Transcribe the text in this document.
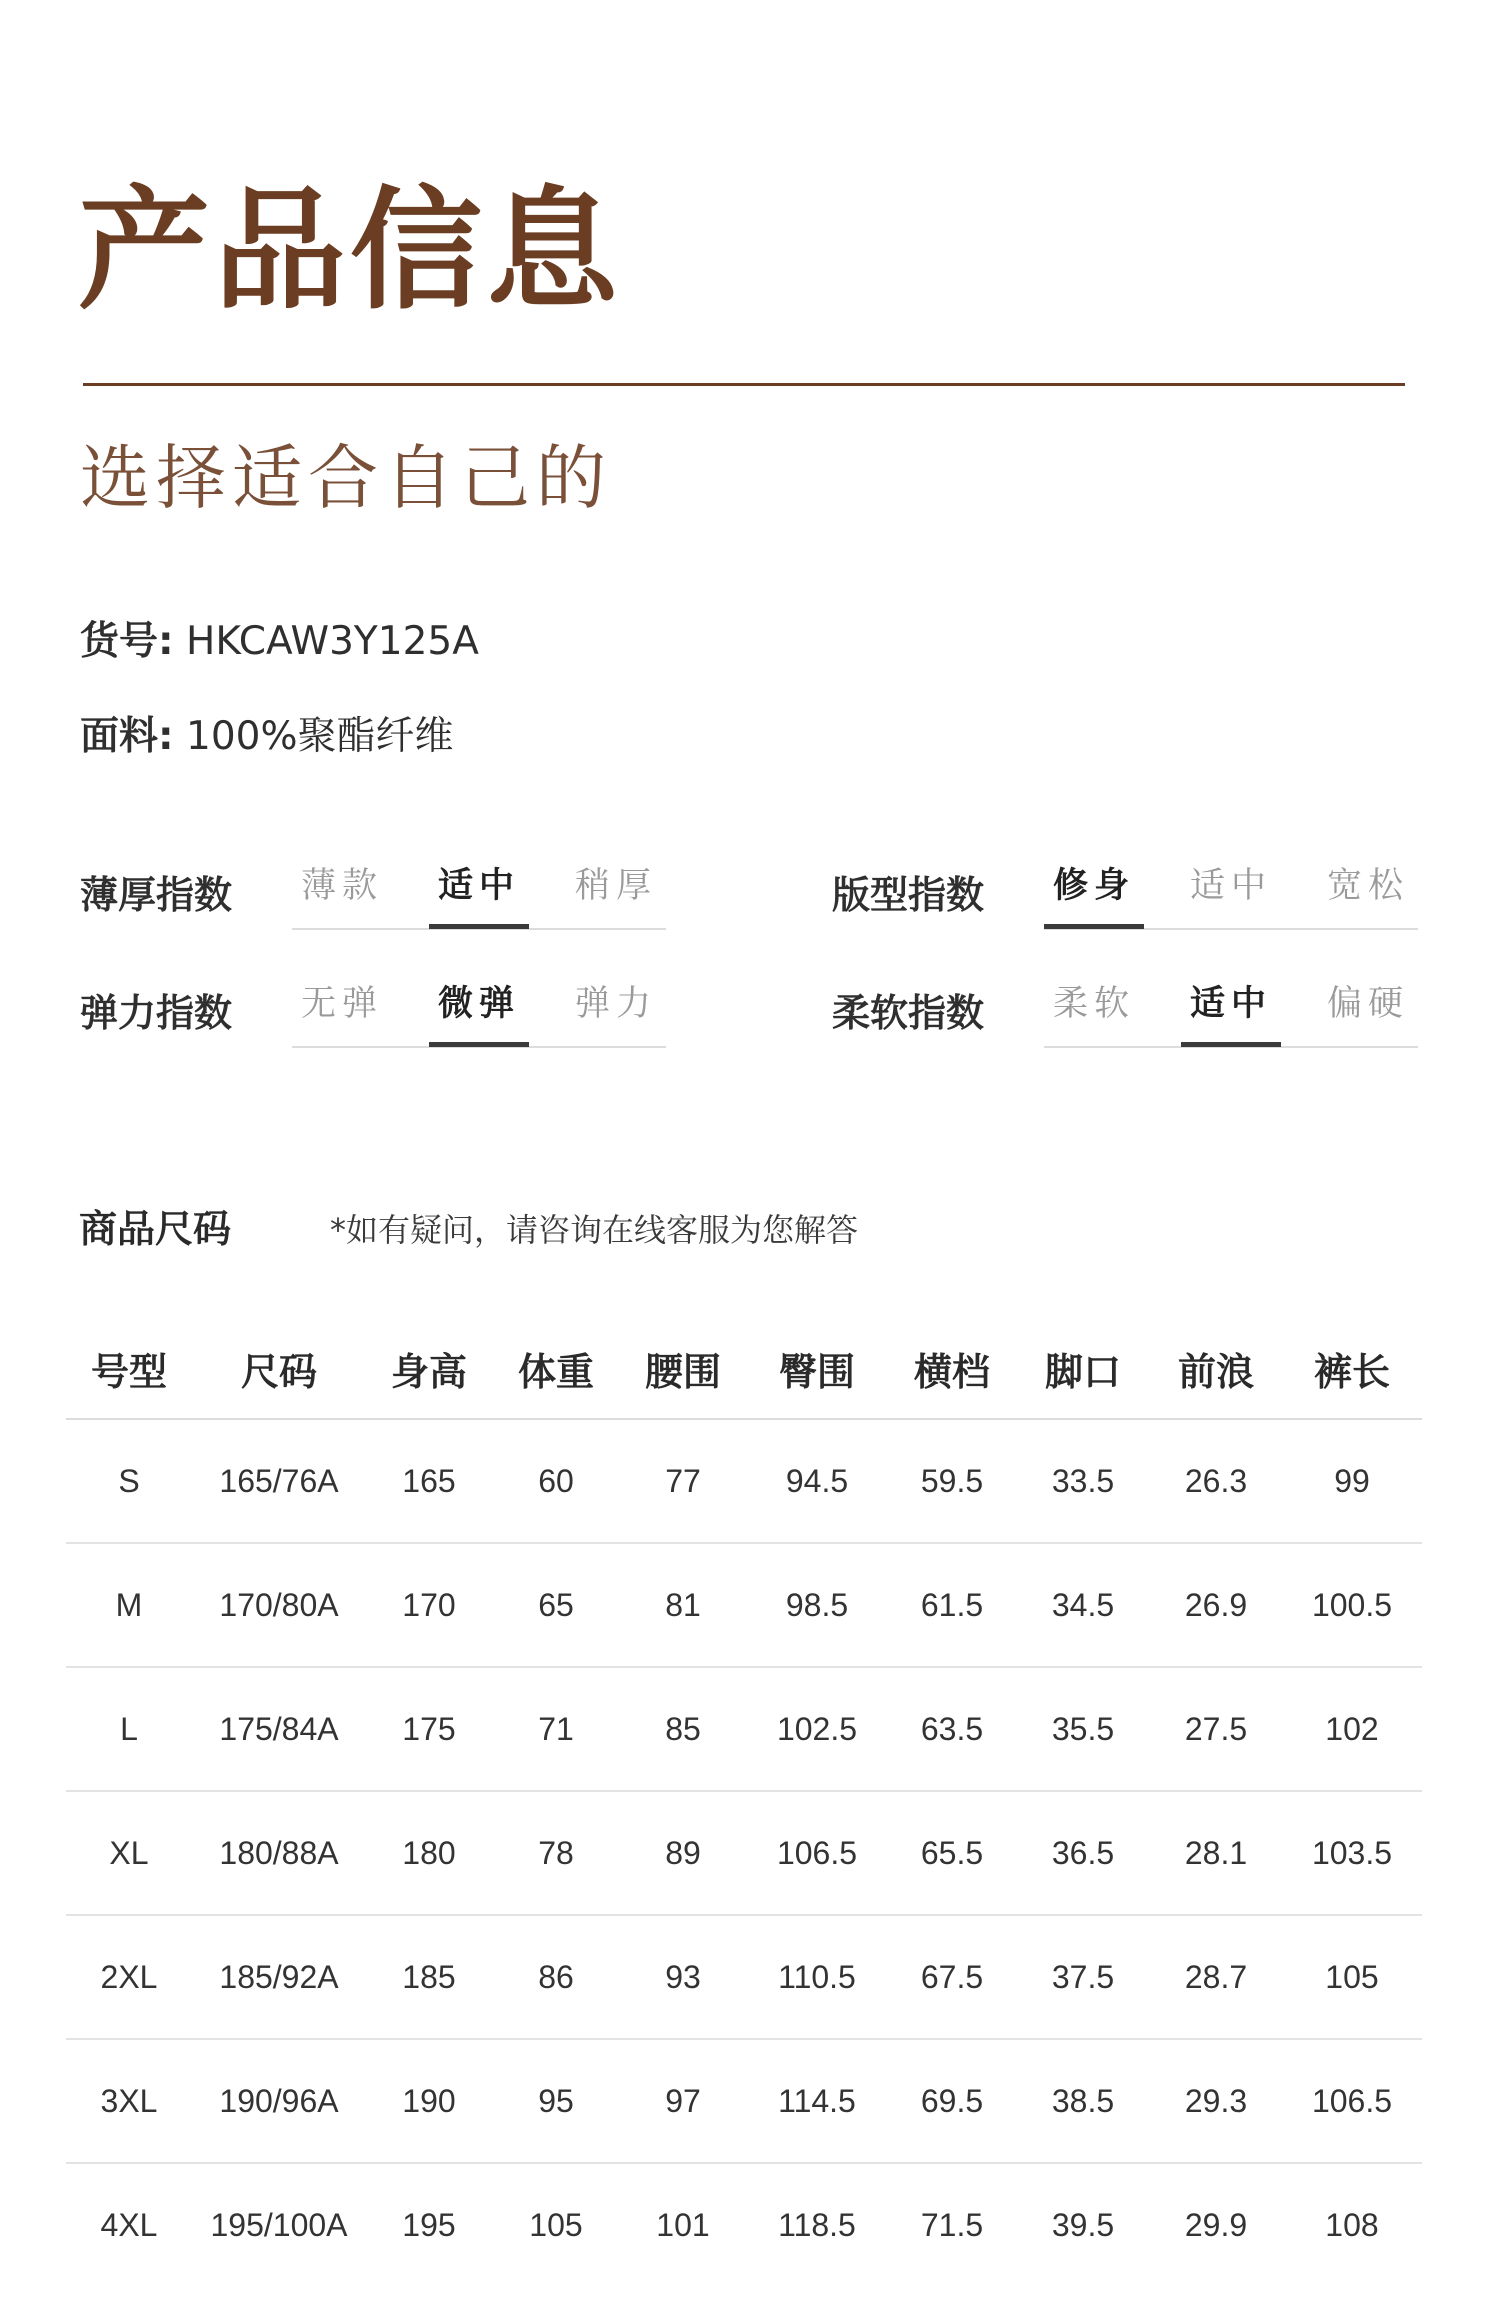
产品信息
选择适合自己的
货号: HKCAW3Y125A
面料: 100%聚酯纤维
薄厚指数 薄款 适中 稍厚	版型指数 修身 适中 宽松
弹力指数 无弹 微弹 弹力	柔软指数 柔软 适中 偏硬
商品尺码	*如有疑问，请咨询在线客服为您解答
号型	尺码	身高	体重	腰围	臀围	横档	脚口	前浪	裤长
S	165/76A	165	60	77	94.5	59.5	33.5	26.3	99
M	170/80A	170	65	81	98.5	61.5	34.5	26.9	100.5
L	175/84A	175	71	85	102.5	63.5	35.5	27.5	102
XL	180/88A	180	78	89	106.5	65.5	36.5	28.1	103.5
2XL	185/92A	185	86	93	110.5	67.5	37.5	28.7	105
3XL	190/96A	190	95	97	114.5	69.5	38.5	29.3	106.5
4XL	195/100A	195	105	101	118.5	71.5	39.5	29.9	108
